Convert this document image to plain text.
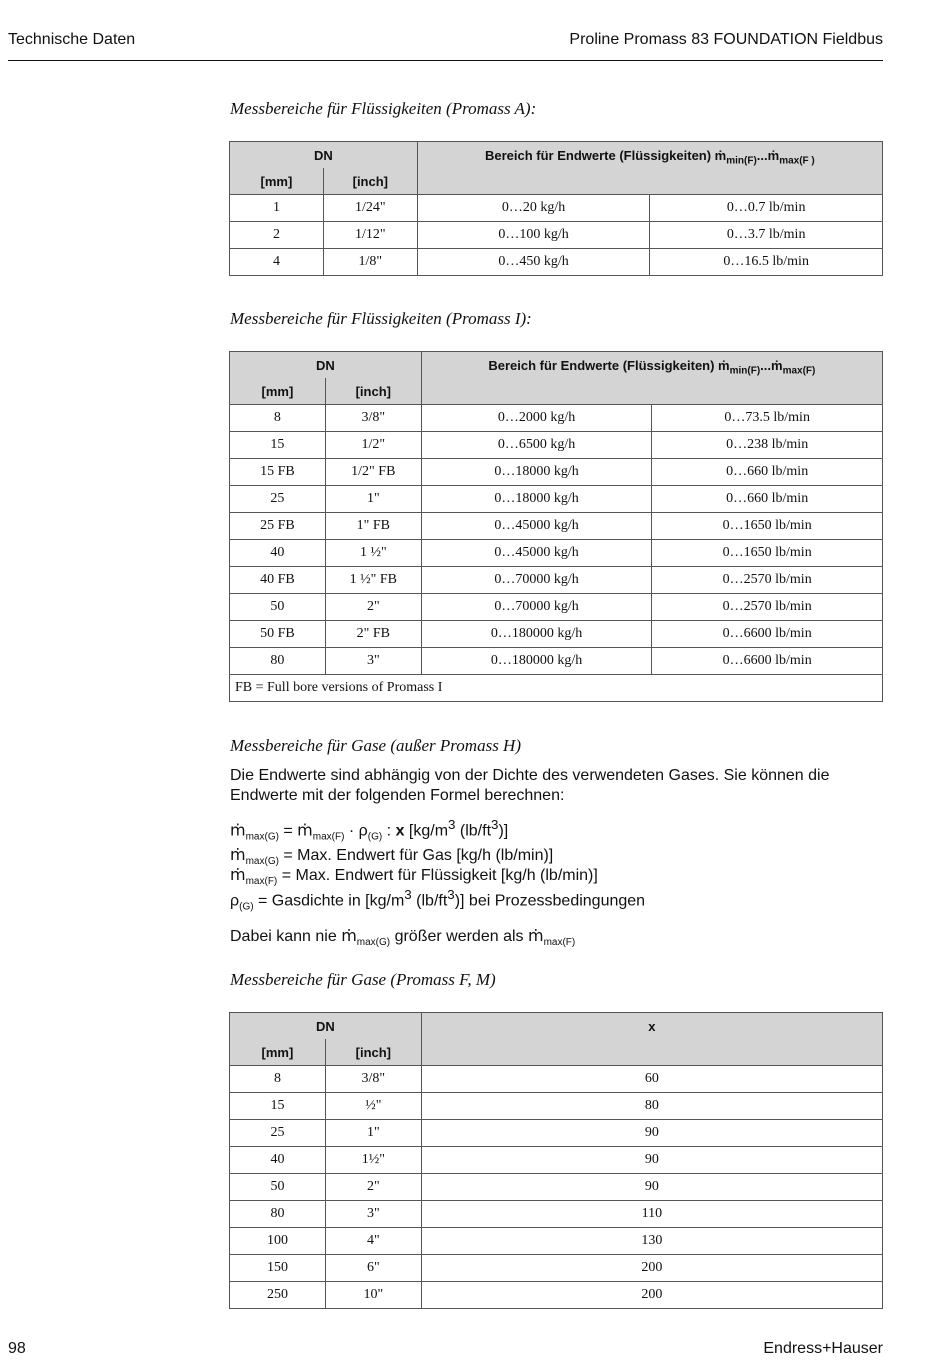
Technische Daten	Proline Promass 83 FOUNDATION Fieldbus
Messbereiche für Flüssigkeiten (Promass A):
DN		Bereich für Endwerte (Flüssigkeiten) ṁ$_{min(F)}$...ṁ$_{max(F )}$
[mm]	[inch]		
1	1/24"	0…20 kg/h	0…0.7 lb/min
2	1/12"	0…100 kg/h	0…3.7 lb/min
4	1/8"	0…450 kg/h	0…16.5 lb/min
Messbereiche für Flüssigkeiten (Promass I):
DN		Bereich für Endwerte (Flüssigkeiten) ṁ$_{min(F)}$...ṁ$_{max(F)}$
[mm]	[inch]		
8	3/8"	0…2000 kg/h	0…73.5 lb/min
15	1/2"	0…6500 kg/h	0…238 lb/min
15 FB	1/2" FB	0…18000 kg/h	0…660 lb/min
25	1"	0…18000 kg/h	0…660 lb/min
25 FB	1" FB	0…45000 kg/h	0…1650 lb/min
40	1 ½"	0…45000 kg/h	0…1650 lb/min
40 FB	1 ½" FB	0…70000 kg/h	0…2570 lb/min
50	2"	0…70000 kg/h	0…2570 lb/min
50 FB	2" FB	0…180000 kg/h	0…6600 lb/min
80	3"	0…180000 kg/h	0…6600 lb/min
FB = Full bore versions of Promass I			
Messbereiche für Gase (außer Promass H)
Die Endwerte sind abhängig von der Dichte des verwendeten Gases. Sie können die Endwerte mit der folgenden Formel berechnen:
ṁ$_{max(G)}$ = ṁ$_{max(F)}$ · $\rho_{(G)}$ : x [$kg/m^3$ $(lb/ft^3)$]
ṁ$_{max(G)}$ = Max. Endwert für Gas [kg/h (lb/min)]
ṁ$_{max(F)}$ = Max. Endwert für Flüssigkeit [kg/h (lb/min)]
$\rho_{(G)}$ = Gasdichte in [$kg/m^3$ $(lb/ft^3)$] bei Prozessbedingungen
Dabei kann nie ṁ$_{max(G)}$ größer werden als ṁ$_{max(F)}$
Messbereiche für Gase (Promass F, M)
DN		x
[mm]	[inch]	
8	3/8"	60
15	½"	80
25	1"	90
40	1½"	90
50	2"	90
80	3"	110
100	4"	130
150	6"	200
250	10"	200
98	Endress+Hauser
